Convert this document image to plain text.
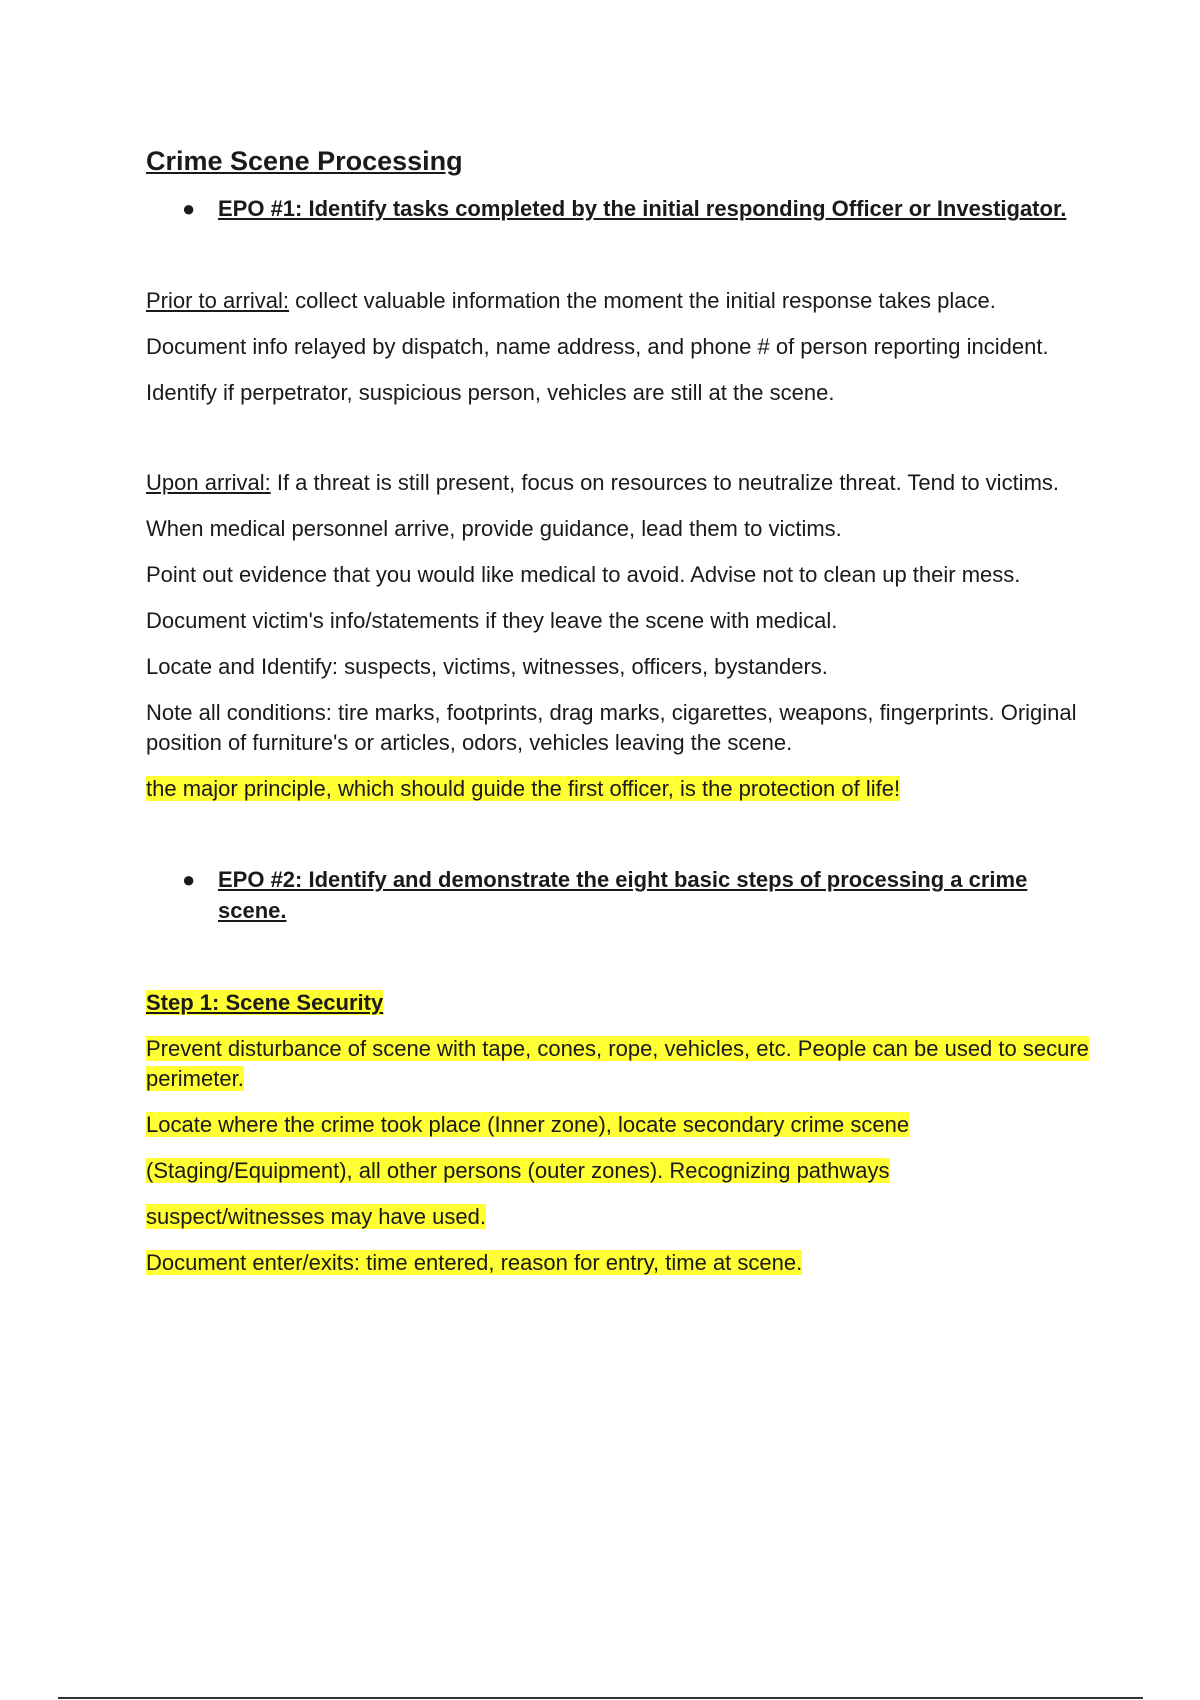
Crime Scene Processing
● EPO #1: Identify tasks completed by the initial responding Officer or Investigator.

Prior to arrival: collect valuable information the moment the initial response takes place.

Document info relayed by dispatch, name address, and phone # of person reporting incident.

Identify if perpetrator, suspicious person, vehicles are still at the scene.

Upon arrival: If a threat is still present, focus on resources to neutralize threat. Tend to victims.

When medical personnel arrive, provide guidance, lead them to victims.

Point out evidence that you would like medical to avoid. Advise not to clean up their mess.

Document victim's info/statements if they leave the scene with medical.

Locate and Identify: suspects, victims, witnesses, officers, bystanders.

Note all conditions: tire marks, footprints, drag marks, cigarettes, weapons, fingerprints. Original position of furniture's or articles, odors, vehicles leaving the scene.

the major principle, which should guide the first officer, is the protection of life!

● EPO #2: Identify and demonstrate the eight basic steps of processing a crime scene.

Step 1: Scene Security

Prevent disturbance of scene with tape, cones, rope, vehicles, etc. People can be used to secure perimeter.

Locate where the crime took place (Inner zone), locate secondary crime scene

(Staging/Equipment), all other persons (outer zones). Recognizing pathways

suspect/witnesses may have used.

Document enter/exits: time entered, reason for entry, time at scene.
